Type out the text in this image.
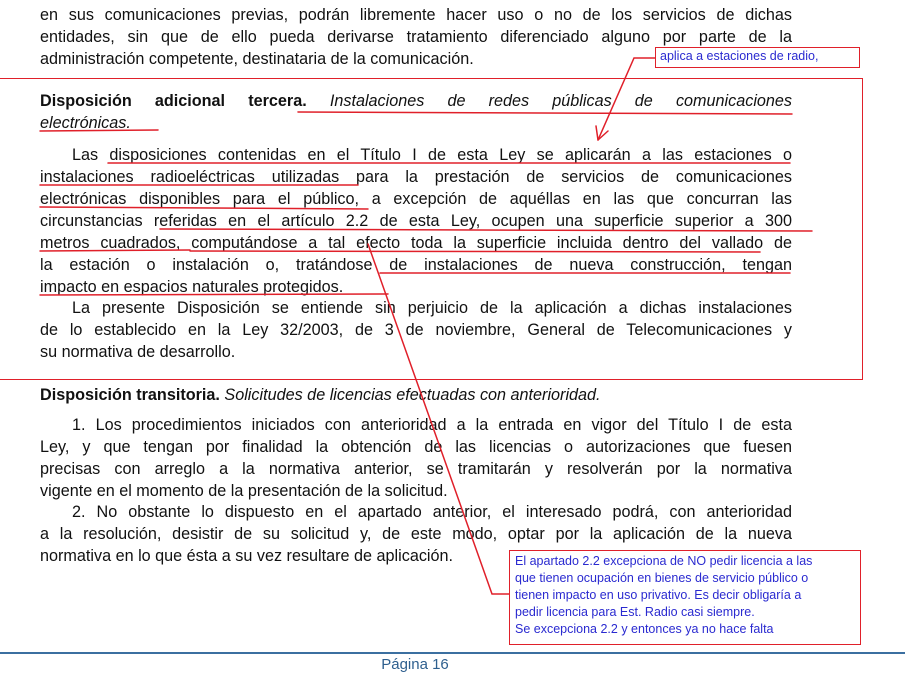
en sus comunicaciones previas, podrán libremente hacer uso o no de los servicios de dichas
entidades, sin que de ello pueda derivarse tratamiento diferenciado alguno por parte de la
administración competente, destinataria de la comunicación.
Disposición adicional tercera. Instalaciones de redes públicas de comunicaciones
electrónicas.
Las disposiciones contenidas en el Título I de esta Ley se aplicarán a las estaciones o
instalaciones radioeléctricas utilizadas para la prestación de servicios de comunicaciones
electrónicas disponibles para el público, a excepción de aquéllas en las que concurran las
circunstancias referidas en el artículo 2.2 de esta Ley, ocupen una superficie superior a 300
metros cuadrados, computándose a tal efecto toda la superficie incluida dentro del vallado de
la estación o instalación o, tratándose de instalaciones de nueva construcción, tengan
impacto en espacios naturales protegidos.
La presente Disposición se entiende sin perjuicio de la aplicación a dichas instalaciones
de lo establecido en la Ley 32/2003, de 3 de noviembre, General de Telecomunicaciones y
su normativa de desarrollo.
Disposición transitoria. Solicitudes de licencias efectuadas con anterioridad.
1. Los procedimientos iniciados con anterioridad a la entrada en vigor del Título I de esta
Ley, y que tengan por finalidad la obtención de las licencias o autorizaciones que fuesen
precisas con arreglo a la normativa anterior, se tramitarán y resolverán por la normativa
vigente en el momento de la presentación de la solicitud.
2. No obstante lo dispuesto en el apartado anterior, el interesado podrá, con anterioridad
a la resolución, desistir de su solicitud y, de este modo, optar por la aplicación de la nueva
normativa en lo que ésta a su vez resultare de aplicación.
aplica a estaciones de radio,
El apartado 2.2 excepciona de NO pedir licencia a las
que tienen ocupación en bienes de servicio público o
tienen impacto en uso privativo. Es decir obligaría a
pedir licencia para Est. Radio casi siempre.
Se excepciona 2.2 y entonces ya no hace falta
Página 16
